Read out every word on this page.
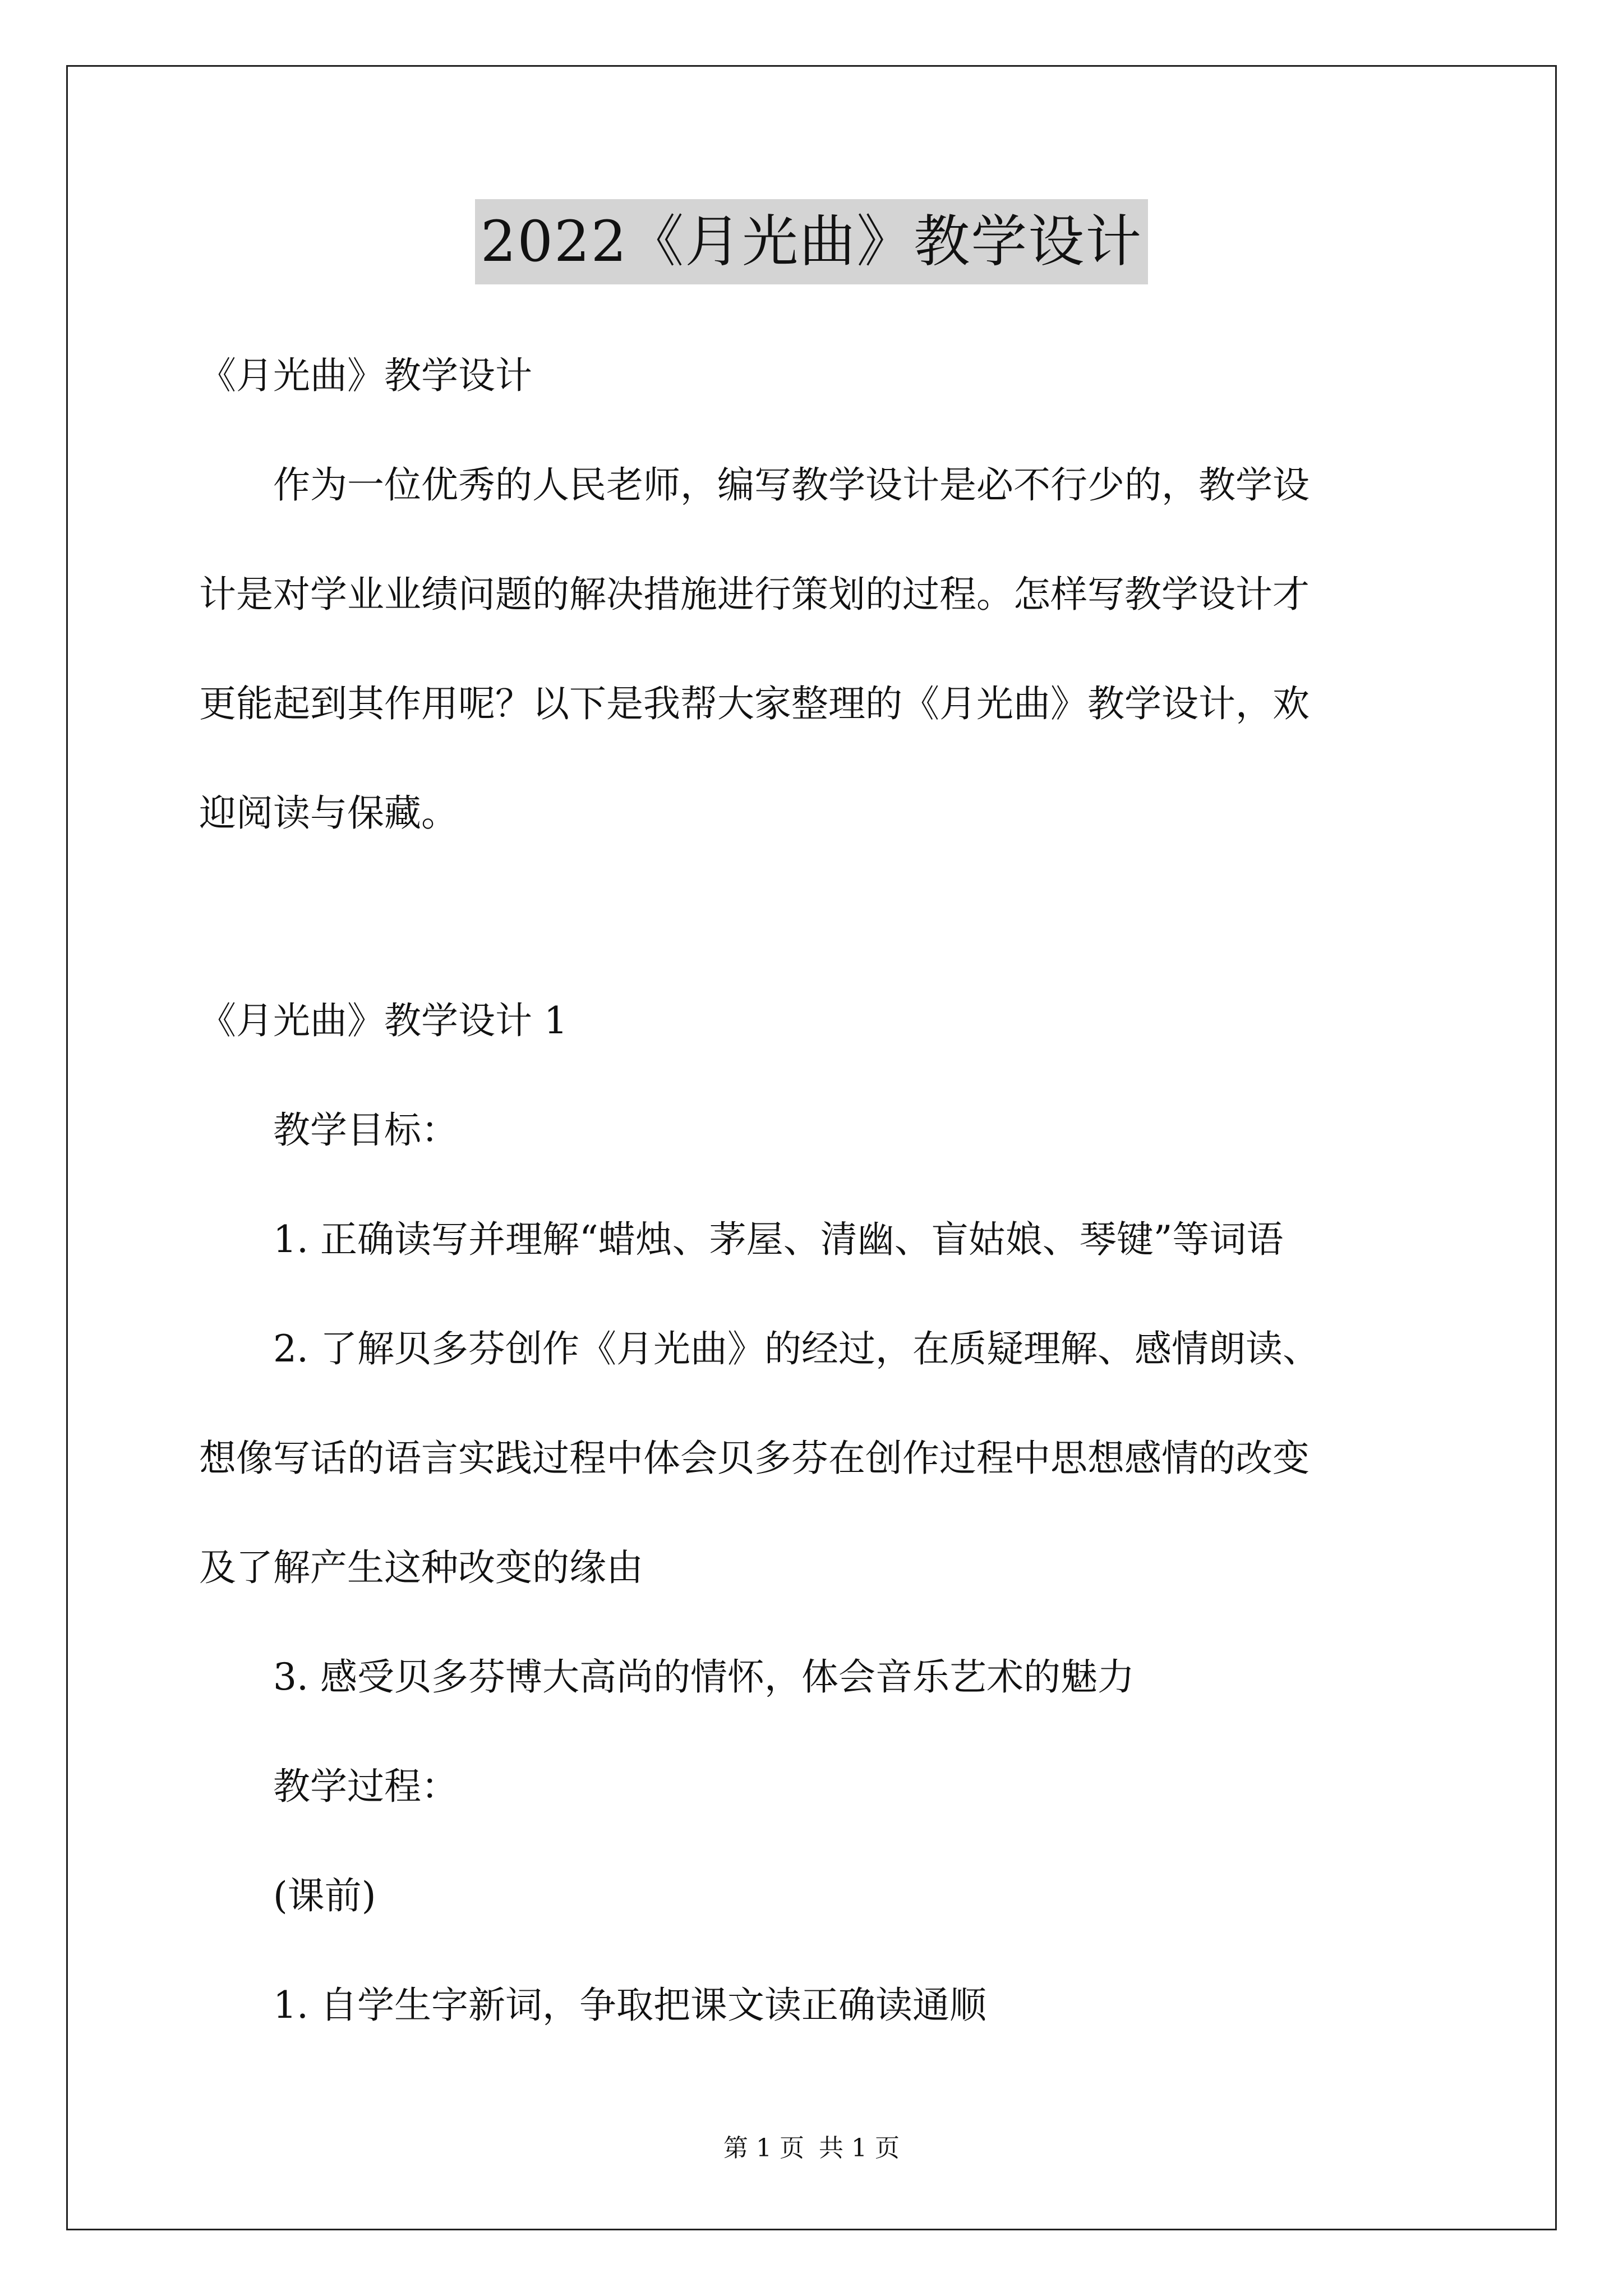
2022《月光曲》教学设计
《月光曲》教学设计
　　作为一位优秀的人民老师，编写教学设计是必不行少的，教学设
计是对学业业绩问题的解决措施进行策划的过程。怎样写教学设计才
更能起到其作用呢？以下是我帮大家整理的《月光曲》教学设计，欢
迎阅读与保藏。
《月光曲》教学设计 1
　　教学目标：
　　1. 正确读写并理解“蜡烛、茅屋、清幽、盲姑娘、琴键”等词语
　　2. 了解贝多芬创作《月光曲》的经过，在质疑理解、感情朗读、
想像写话的语言实践过程中体会贝多芬在创作过程中思想感情的改变
及了解产生这种改变的缘由
　　3. 感受贝多芬博大高尚的情怀，体会音乐艺术的魅力
　　教学过程：
　　(课前)
　　1. 自学生字新词，争取把课文读正确读通顺
第 1 页 共 1 页
